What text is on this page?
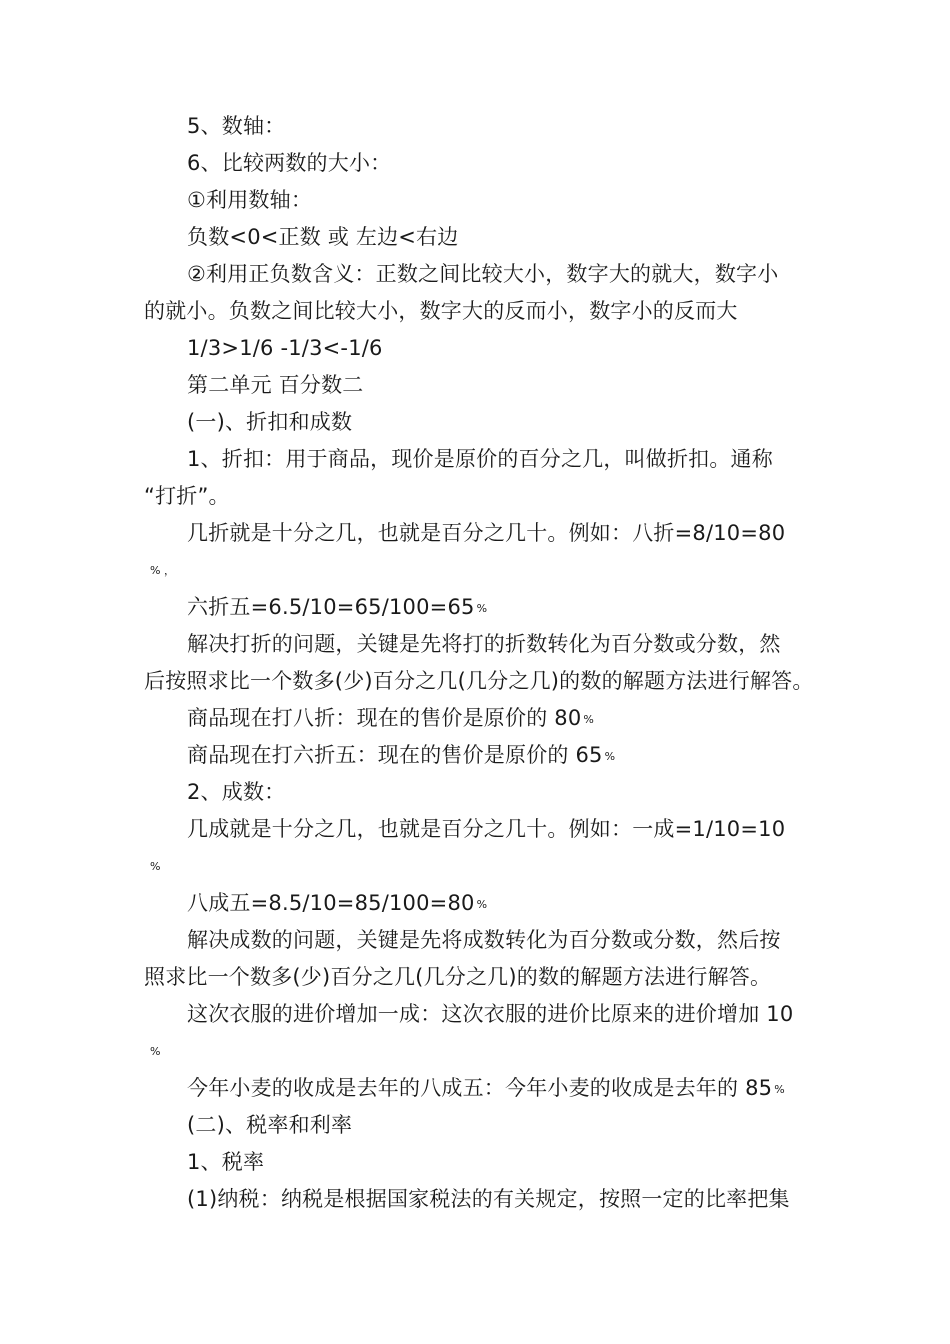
5、数轴：
6、比较两数的大小：
①利用数轴：
负数<0<正数 或 左边<右边
②利用正负数含义：正数之间比较大小，数字大的就大，数字小
的就小。负数之间比较大小，数字大的反而小，数字小的反而大
1/3>1/6 -1/3<-1/6
第二单元 百分数二
(一)、折扣和成数
1、折扣：用于商品，现价是原价的百分之几，叫做折扣。通称
“打折”。
几折就是十分之几，也就是百分之几十。例如：八折=8/10=80
% ，
六折五=6.5/10=65/100=65 %
解决打折的问题，关键是先将打的折数转化为百分数或分数，然
后按照求比一个数多(少)百分之几(几分之几)的数的解题方法进行解答。
商品现在打八折：现在的售价是原价的 80 %
商品现在打六折五：现在的售价是原价的 65 %
2、成数：
几成就是十分之几，也就是百分之几十。例如：一成=1/10=10
%
八成五=8.5/10=85/100=80 %
解决成数的问题，关键是先将成数转化为百分数或分数，然后按
照求比一个数多(少)百分之几(几分之几)的数的解题方法进行解答。
这次衣服的进价增加一成：这次衣服的进价比原来的进价增加 10
%
今年小麦的收成是去年的八成五：今年小麦的收成是去年的 85 %
(二)、税率和利率
1、税率
(1)纳税：纳税是根据国家税法的有关规定，按照一定的比率把集
